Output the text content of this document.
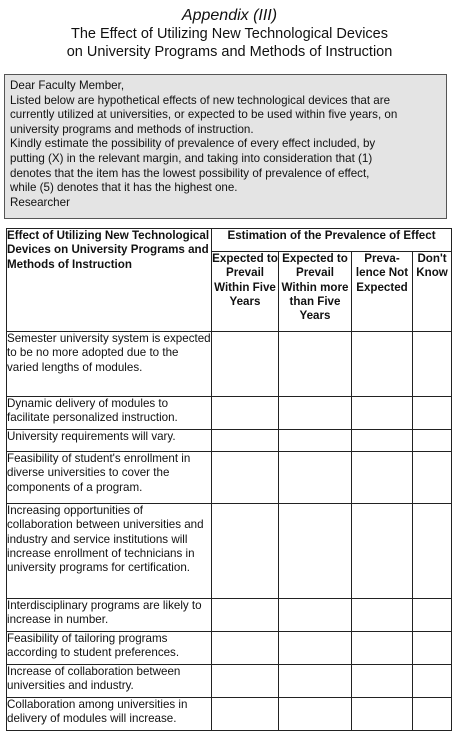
Appendix (III)
The Effect of Utilizing New Technological Devices
on University Programs and Methods of Instruction
Dear Faculty Member,
Listed below are hypothetical effects of new technological devices that are
currently utilized at universities, or expected to be used within five years, on
university programs and methods of instruction.
Kindly estimate the possibility of prevalence of every effect included, by
putting (X) in the relevant margin, and taking into consideration that (1)
denotes that the item has the lowest possibility of prevalence of effect,
while (5) denotes that it has the highest one.
Researcher
Effect of Utilizing New Technological Devices on University Programs and Methods of Instruction	Estimation of the Prevalence of Effect			
	Expected to Prevail Within Five Years	Expected to Prevail Within more than Five Years	Preva-lence Not Expected	Don't Know
Semester university system is expected to be no more adopted due to the varied lengths of modules.				
Dynamic delivery of modules to facilitate personalized instruction.				
University requirements will vary.				
Feasibility of student's enrollment in diverse universities to cover the components of a program.				
Increasing opportunities of collaboration between universities and industry and service institutions will increase enrollment of technicians in university programs for certification.				
Interdisciplinary programs are likely to increase in number.				
Feasibility of tailoring programs according to student preferences.				
Increase of collaboration between universities and industry.				
Collaboration among universities in delivery of modules will increase.				
